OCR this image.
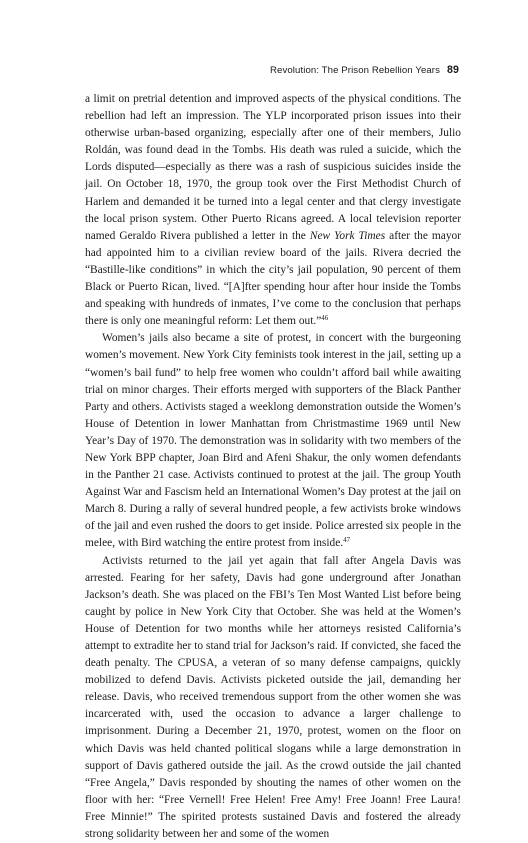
Revolution: The Prison Rebellion Years 89

a limit on pretrial detention and improved aspects of the physical conditions. The rebellion had left an impression. The YLP incorporated prison issues into their otherwise urban-based organizing, especially after one of their members, Julio Roldán, was found dead in the Tombs. His death was ruled a suicide, which the Lords disputed—especially as there was a rash of suspicious suicides inside the jail. On October 18, 1970, the group took over the First Methodist Church of Harlem and demanded it be turned into a legal center and that clergy investigate the local prison system. Other Puerto Ricans agreed. A local television reporter named Geraldo Rivera published a letter in the New York Times after the mayor had appointed him to a civilian review board of the jails. Rivera decried the “Bastille-like conditions” in which the city’s jail population, 90 percent of them Black or Puerto Rican, lived. “[A]fter spending hour after hour inside the Tombs and speaking with hundreds of inmates, I’ve come to the conclusion that perhaps there is only one meaningful reform: Let them out.”$^{46}$

Women’s jails also became a site of protest, in concert with the burgeoning women’s movement. New York City feminists took interest in the jail, setting up a “women’s bail fund” to help free women who couldn’t afford bail while awaiting trial on minor charges. Their efforts merged with supporters of the Black Panther Party and others. Activists staged a weeklong demonstration outside the Women’s House of Detention in lower Manhattan from Christmastime 1969 until New Year’s Day of 1970. The demonstration was in solidarity with two members of the New York BPP chapter, Joan Bird and Afeni Shakur, the only women defendants in the Panther 21 case. Activists continued to protest at the jail. The group Youth Against War and Fascism held an International Women’s Day protest at the jail on March 8. During a rally of several hundred people, a few activists broke windows of the jail and even rushed the doors to get inside. Police arrested six people in the melee, with Bird watching the entire protest from inside.$^{47}$

Activists returned to the jail yet again that fall after Angela Davis was arrested. Fearing for her safety, Davis had gone underground after Jonathan Jackson’s death. She was placed on the FBI’s Ten Most Wanted List before being caught by police in New York City that October. She was held at the Women’s House of Detention for two months while her attorneys resisted California’s attempt to extradite her to stand trial for Jackson’s raid. If convicted, she faced the death penalty. The CPUSA, a veteran of so many defense campaigns, quickly mobilized to defend Davis. Activists picketed outside the jail, demanding her release. Davis, who received tremendous support from the other women she was incarcerated with, used the occasion to advance a larger challenge to imprisonment. During a December 21, 1970, protest, women on the floor on which Davis was held chanted political slogans while a large demonstration in support of Davis gathered outside the jail. As the crowd outside the jail chanted “Free Angela,” Davis responded by shouting the names of other women on the floor with her: “Free Vernell! Free Helen! Free Amy! Free Joann! Free Laura! Free Minnie!” The spirited protests sustained Davis and fostered the already strong solidarity between her and some of the women
